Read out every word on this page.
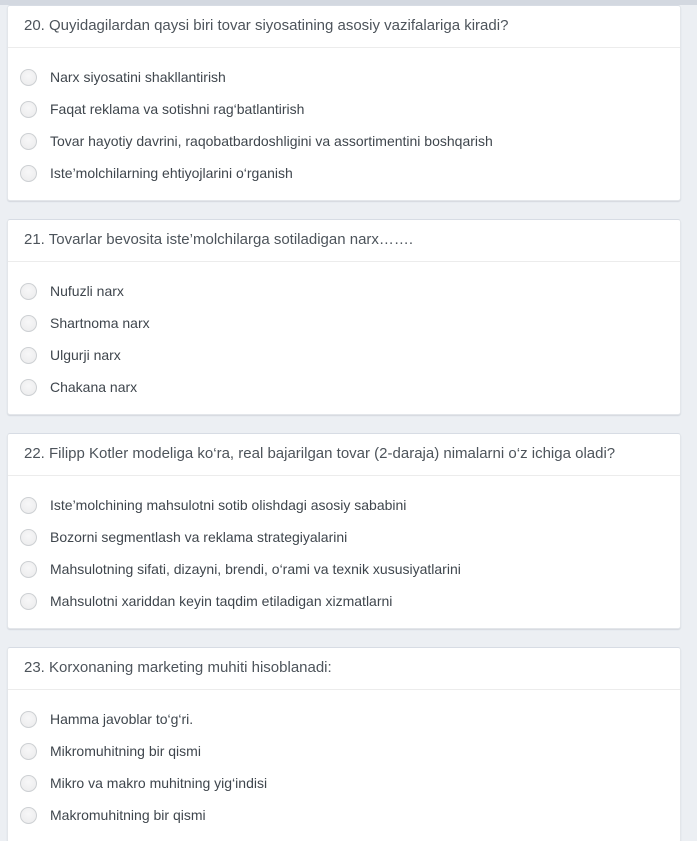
20. Quyidagilardan qaysi biri tovar siyosatining asosiy vazifalariga kiradi?
Narx siyosatini shakllantirish
Faqat reklama va sotishni rag‘batlantirish
Tovar hayotiy davrini, raqobatbardoshligini va assortimentini boshqarish
Iste’molchilarning ehtiyojlarini o‘rganish
21. Tovarlar bevosita iste’molchilarga sotiladigan narx…….
Nufuzli narx
Shartnoma narx
Ulgurji narx
Chakana narx
22. Filipp Kotler modeliga ko‘ra, real bajarilgan tovar (2-daraja) nimalarni o‘z ichiga oladi?
Iste’molchining mahsulotni sotib olishdagi asosiy sababini
Bozorni segmentlash va reklama strategiyalarini
Mahsulotning sifati, dizayni, brendi, o‘rami va texnik xususiyatlarini
Mahsulotni xariddan keyin taqdim etiladigan xizmatlarni
23. Korxonaning marketing muhiti hisoblanadi:
Hamma javoblar to‘g‘ri.
Mikromuhitning bir qismi
Mikro va makro muhitning yig‘indisi
Makromuhitning bir qismi
